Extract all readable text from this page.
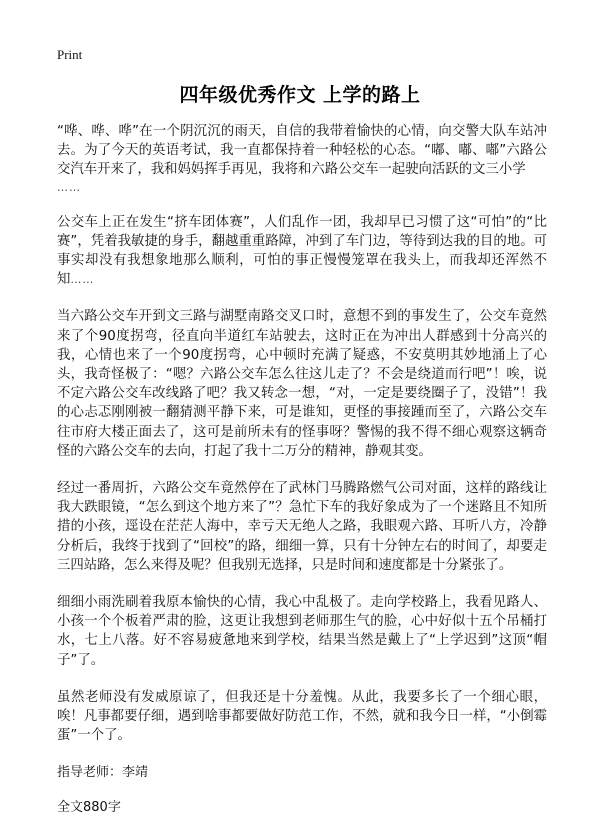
Print
四年级优秀作文 上学的路上

“哗、哗、哗”在一个阴沉沉的雨天，自信的我带着愉快的心情，向交警大队车站冲去。为了今天的英语考试，我一直都保持着一种轻松的心态。“嘟、嘟、嘟”六路公交汽车开来了，我和妈妈挥手再见，我将和六路公交车一起驶向活跃的文三小学
……

公交车上正在发生“挤车团体赛”，人们乱作一团，我却早已习惯了这“可怕”的“比赛”，凭着我敏捷的身手，翻越重重路障，冲到了车门边，等待到达我的目的地。可事实却没有我想象地那么顺利，可怕的事正慢慢笼罩在我头上，而我却还浑然不知……

当六路公交车开到文三路与湖墅南路交叉口时，意想不到的事发生了，公交车竟然来了个90度拐弯，径直向半道红车站驶去，这时正在为冲出人群感到十分高兴的我，心情也来了一个90度拐弯，心中顿时充满了疑惑，不安莫明其妙地涌上了心头，我奇怪极了：“嗯？六路公交车怎么往这儿走了？不会是绕道而行吧”！唉，说不定六路公交车改线路了吧？我又转念一想，“对，一定是要绕圈子了，没错”！我的心忐忑刚刚被一翻猜测平静下来，可是谁知，更怪的事接踵而至了，六路公交车往市府大楼正面去了，这可是前所未有的怪事呀？警惕的我不得不细心观察这辆奇怪的六路公交车的去向，打起了我十二万分的精神，静观其变。

经过一番周折，六路公交车竟然停在了武林门马腾路燃气公司对面，这样的路线让我大跌眼镜，“怎么到这个地方来了”？急忙下车的我好象成为了一个迷路且不知所措的小孩，逕设在茫茫人海中，幸亏天无绝人之路，我眼观六路、耳听八方，冷静分析后，我终于找到了“回校”的路，细细一算，只有十分钟左右的时间了，却要走三四站路，怎么来得及呢？但我别无选择，只是时间和速度都是十分紧张了。

细细小雨洗刷着我原本愉快的心情，我心中乱极了。走向学校路上，我看见路人、小孩一个个板着严肃的脸，这更让我想到老师那生气的脸，心中好似十五个吊桶打水，七上八落。好不容易疲惫地来到学校，结果当然是戴上了“上学迟到”这顶“帽子”了。

虽然老师没有发威原谅了，但我还是十分羞愧。从此，我要多长了一个细心眼，唉！凡事都要仔细，遇到啥事都要做好防范工作，不然，就和我今日一样，“小倒霉蛋”一个了。

指导老师：李靖

全文880字
